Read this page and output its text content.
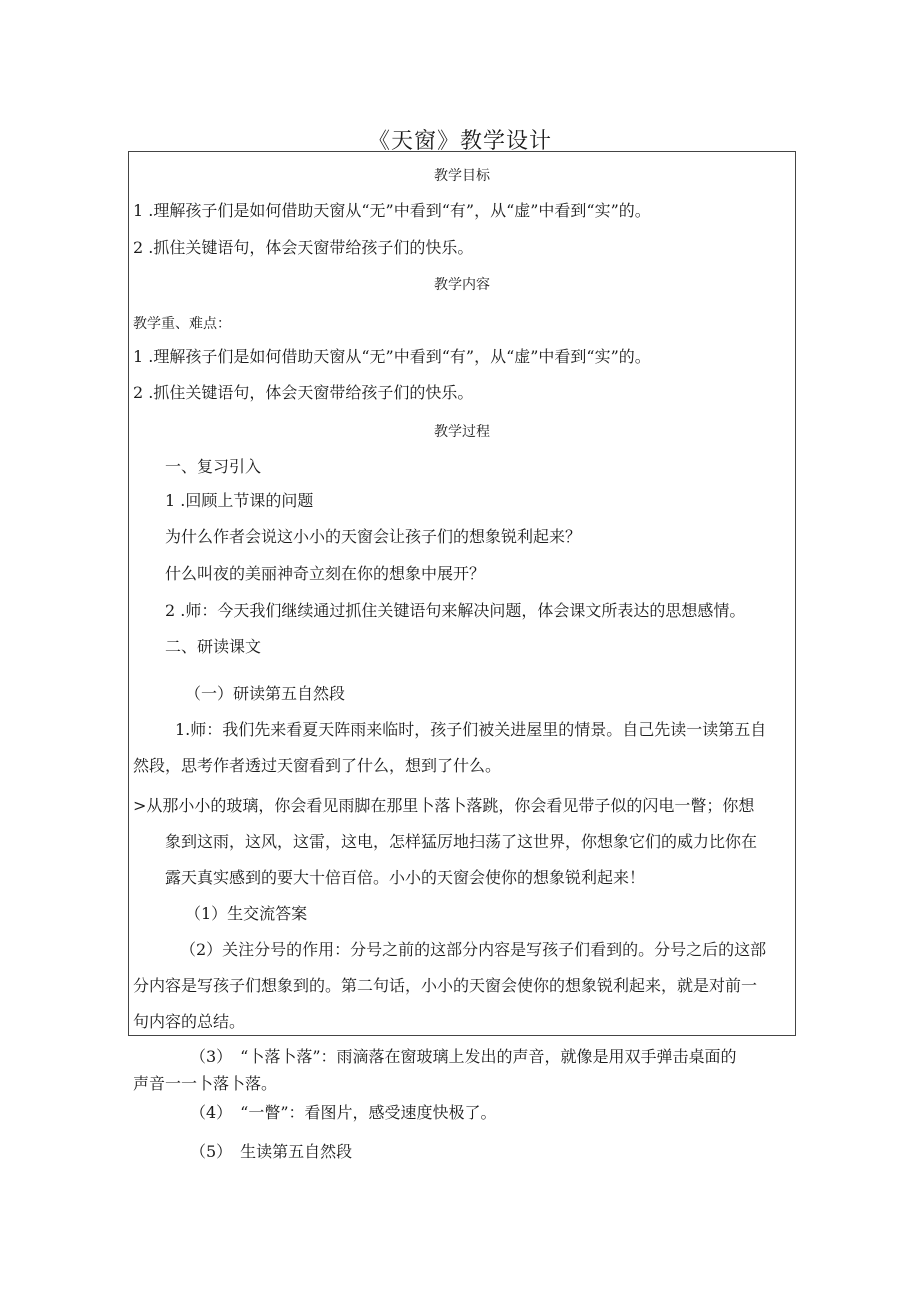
《天窗》教学设计
教学目标
1 .理解孩子们是如何借助天窗从“无”中看到“有”，从“虚”中看到“实”的。
2 .抓住关键语句，体会天窗带给孩子们的快乐。
教学内容
教学重、难点：
1 .理解孩子们是如何借助天窗从“无”中看到“有”，从“虚”中看到“实”的。
2 .抓住关键语句，体会天窗带给孩子们的快乐。
教学过程
一、复习引入
1 .回顾上节课的问题
为什么作者会说这小小的天窗会让孩子们的想象锐利起来？
什么叫夜的美丽神奇立刻在你的想象中展开？
2 .师：今天我们继续通过抓住关键语句来解决问题，体会课文所表达的思想感情。
二、研读课文
（一）研读第五自然段
1.师：我们先来看夏天阵雨来临时，孩子们被关进屋里的情景。自己先读一读第五自
然段，思考作者透过天窗看到了什么，想到了什么。
>从那小小的玻璃，你会看见雨脚在那里卜落卜落跳，你会看见带子似的闪电一瞥；你想
象到这雨，这风，这雷，这电，怎样猛厉地扫荡了这世界，你想象它们的威力比你在
露天真实感到的要大十倍百倍。小小的天窗会使你的想象锐利起来！
（1）生交流答案
（2）关注分号的作用：分号之前的这部分内容是写孩子们看到的。分号之后的这部
分内容是写孩子们想象到的。第二句话，小小的天窗会使你的想象锐利起来，就是对前一
句内容的总结。
（3）　“卜落卜落”：雨滴落在窗玻璃上发出的声音，就像是用双手弹击桌面的
声音一一卜落卜落。
（4）　“一瞥”：看图片，感受速度快极了。
（5）　生读第五自然段
